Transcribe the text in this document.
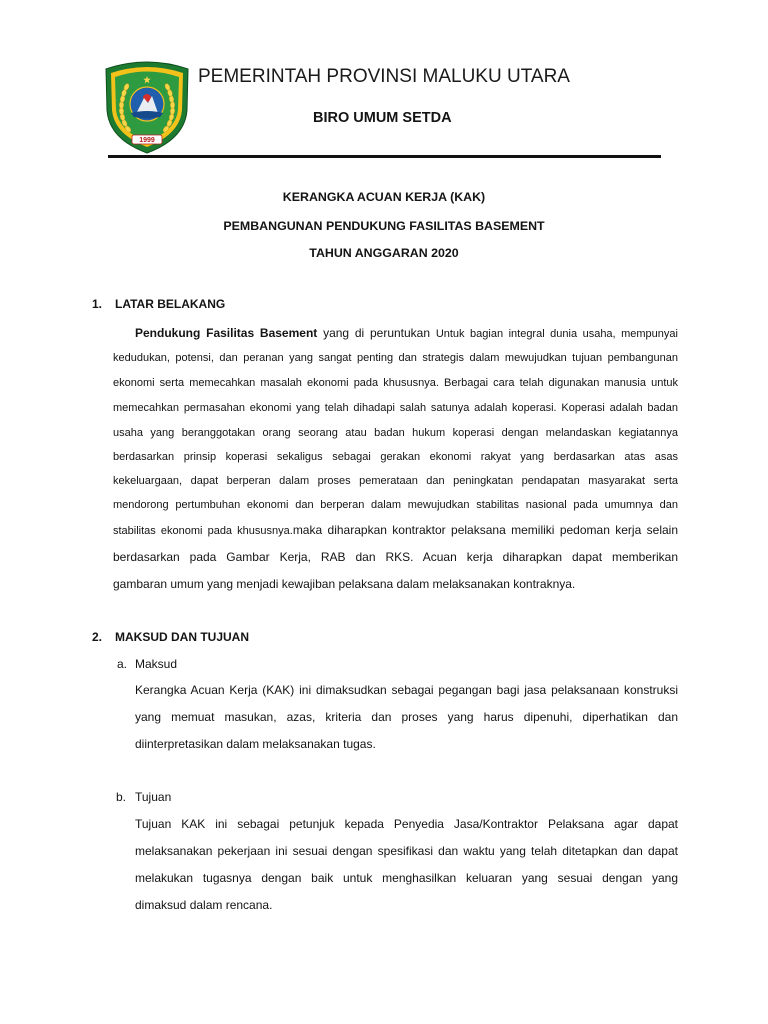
1999
PEMERINTAH PROVINSI MALUKU UTARA
BIRO UMUM SETDA
KERANGKA ACUAN KERJA (KAK)
PEMBANGUNAN PENDUKUNG FASILITAS BASEMENT
TAHUN ANGGARAN 2020
1. LATAR BELAKANG
Pendukung Fasilitas Basement yang di peruntukan Untuk bagian integral dunia usaha, mempunyai
kedudukan, potensi, dan peranan yang sangat penting dan strategis dalam mewujudkan tujuan pembangunan
ekonomi serta memecahkan masalah ekonomi pada khususnya. Berbagai cara telah digunakan manusia untuk
memecahkan permasahan ekonomi yang telah dihadapi salah satunya adalah koperasi. Koperasi adalah badan
usaha yang beranggotakan orang seorang atau badan hukum koperasi dengan melandaskan kegiatannya
berdasarkan prinsip koperasi sekaligus sebagai gerakan ekonomi rakyat yang berdasarkan atas asas
kekeluargaan, dapat berperan dalam proses pemerataan dan peningkatan pendapatan masyarakat serta
mendorong pertumbuhan ekonomi dan berperan dalam mewujudkan stabilitas nasional pada umumnya dan
stabilitas ekonomi pada khususnya.maka diharapkan kontraktor pelaksana memiliki pedoman kerja selain
berdasarkan pada Gambar Kerja, RAB dan RKS. Acuan kerja diharapkan dapat memberikan
gambaran umum yang menjadi kewajiban pelaksana dalam melaksanakan kontraknya.
2. MAKSUD DAN TUJUAN
a. Maksud
Kerangka Acuan Kerja (KAK) ini dimaksudkan sebagai pegangan bagi jasa pelaksanaan konstruksi
yang memuat masukan, azas, kriteria dan proses yang harus dipenuhi, diperhatikan dan
diinterpretasikan dalam melaksanakan tugas.
b. Tujuan
Tujuan KAK ini sebagai petunjuk kepada Penyedia Jasa/Kontraktor Pelaksana agar dapat
melaksanakan pekerjaan ini sesuai dengan spesifikasi dan waktu yang telah ditetapkan dan dapat
melakukan tugasnya dengan baik untuk menghasilkan keluaran yang sesuai dengan yang
dimaksud dalam rencana.
